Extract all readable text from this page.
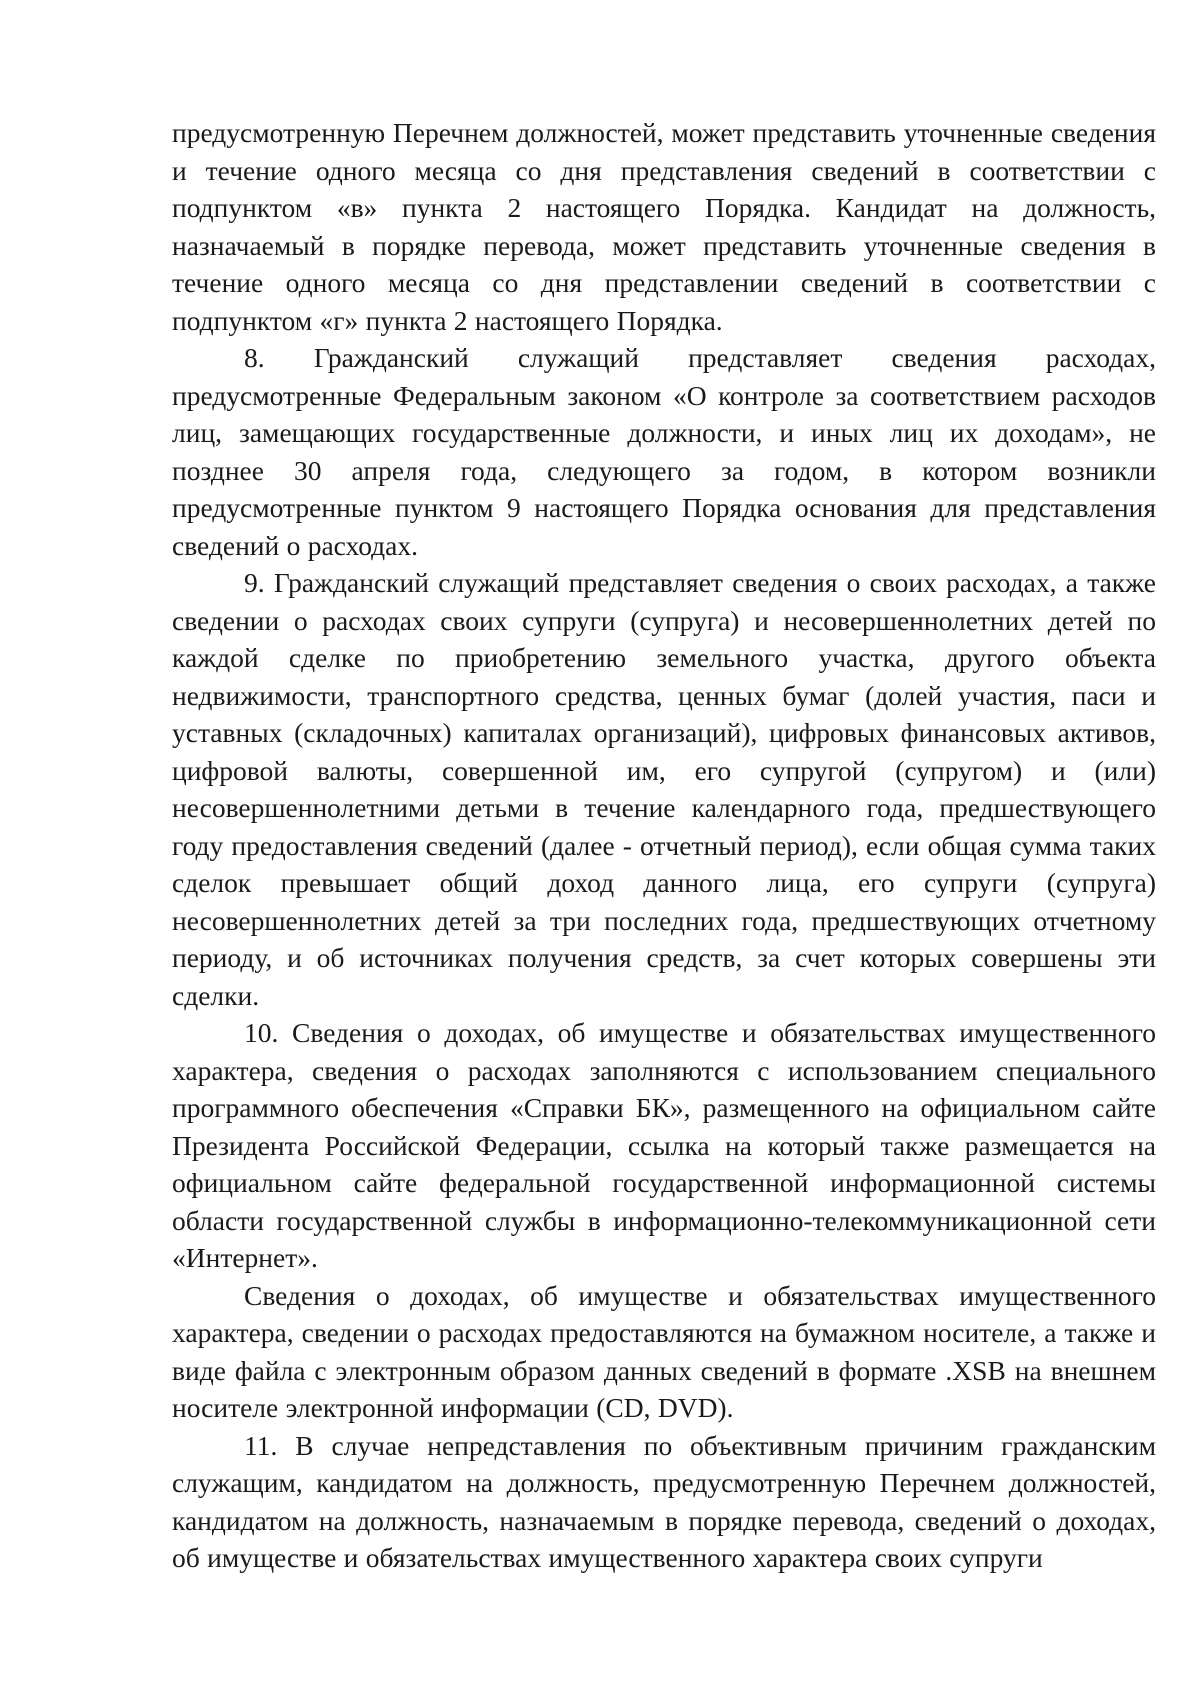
предусмотренную Перечнем должностей, может представить уточненные сведения и течение одного месяца со дня представления сведений в соответствии с подпунктом «в» пункта 2 настоящего Порядка. Кандидат на должность, назначаемый в порядке перевода, может представить уточненные сведения в течение одного месяца со дня представлении сведений в соответствии с подпунктом «г» пункта 2 настоящего Порядка.

8. Гражданский служащий представляет сведения расходах, предусмотренные Федеральным законом «О контроле за соответствием расходов лиц, замещающих государственные должности, и иных лиц их доходам», не позднее 30 апреля года, следующего за годом, в котором возникли предусмотренные пунктом 9 настоящего Порядка основания для представления сведений о расходах.

9. Гражданский служащий представляет сведения о своих расходах, а также сведении о расходах своих супруги (супруга) и несовершеннолетних детей по каждой сделке по приобретению земельного участка, другого объекта недвижимости, транспортного средства, ценных бумаг (долей участия, паси и уставных (складочных) капиталах организаций), цифровых финансовых активов, цифровой валюты, совершенной им, его супругой (супругом) и (или) несовершеннолетними детьми в течение календарного года, предшествующего году предоставления сведений (далее - отчетный период), если общая сумма таких сделок превышает общий доход данного лица, его супруги (супруга) несовершеннолетних детей за три последних года, предшествующих отчетному периоду, и об источниках получения средств, за счет которых совершены эти сделки.

10. Сведения о доходах, об имуществе и обязательствах имущественного характера, сведения о расходах заполняются с использованием специального программного обеспечения «Справки БК», размещенного на официальном сайте Президента Российской Федерации, ссылка на который также размещается на официальном сайте федеральной государственной информационной системы области государственной службы в информационно-телекоммуникационной сети «Интернет».

Сведения о доходах, об имуществе и обязательствах имущественного характера, сведении о расходах предоставляются на бумажном носителе, а также и виде файла с электронным образом данных сведений в формате .XSB на внешнем носителе электронной информации (CD, DVD).

11. В случае непредставления по объективным причиним гражданским служащим, кандидатом на должность, предусмотренную Перечнем должностей, кандидатом на должность, назначаемым в порядке перевода, сведений о доходах, об имуществе и обязательствах имущественного характера своих супруги
